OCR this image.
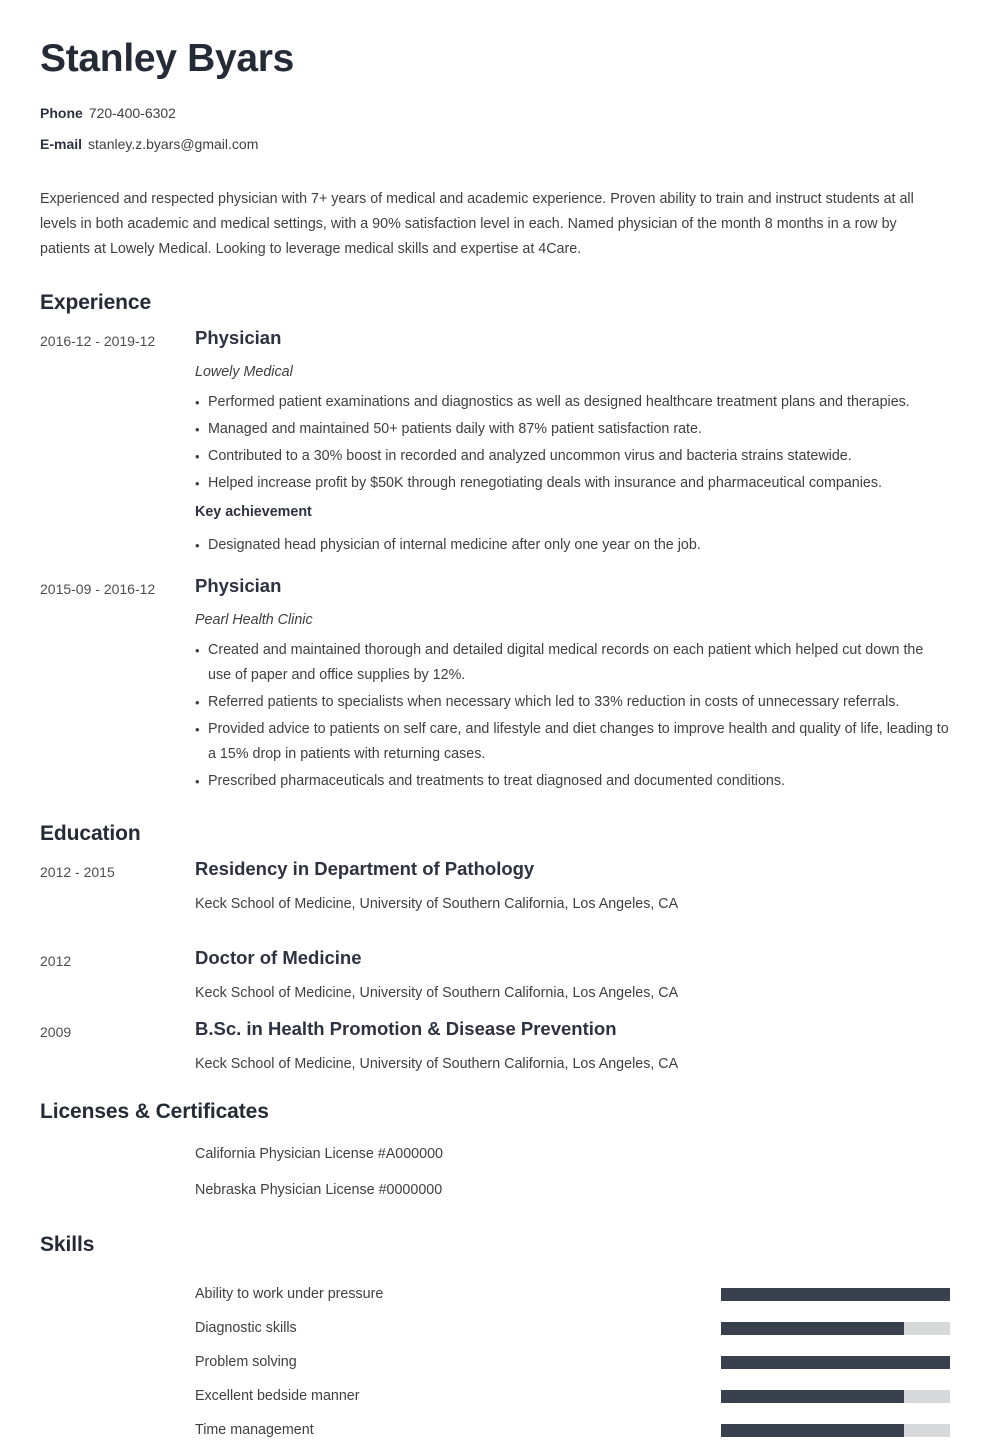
Stanley Byars
Phone 720-400-6302
E-mail stanley.z.byars@gmail.com

Experienced and respected physician with 7+ years of medical and academic experience. Proven ability to train and instruct students at all levels in both academic and medical settings, with a 90% satisfaction level in each. Named physician of the month 8 months in a row by patients at Lowely Medical. Looking to leverage medical skills and expertise at 4Care.

Experience
2016-12 - 2019-12	Physician
Lowely Medical
• Performed patient examinations and diagnostics as well as designed healthcare treatment plans and therapies.
• Managed and maintained 50+ patients daily with 87% patient satisfaction rate.
• Contributed to a 30% boost in recorded and analyzed uncommon virus and bacteria strains statewide.
• Helped increase profit by $50K through renegotiating deals with insurance and pharmaceutical companies.
Key achievement
• Designated head physician of internal medicine after only one year on the job.
2015-09 - 2016-12	Physician
Pearl Health Clinic
• Created and maintained thorough and detailed digital medical records on each patient which helped cut down the use of paper and office supplies by 12%.
• Referred patients to specialists when necessary which led to 33% reduction in costs of unnecessary referrals.
• Provided advice to patients on self care, and lifestyle and diet changes to improve health and quality of life, leading to a 15% drop in patients with returning cases.
• Prescribed pharmaceuticals and treatments to treat diagnosed and documented conditions.
Education
2012 - 2015	Residency in Department of Pathology
Keck School of Medicine, University of Southern California, Los Angeles, CA
2012	Doctor of Medicine
Keck School of Medicine, University of Southern California, Los Angeles, CA
2009	B.Sc. in Health Promotion & Disease Prevention
Keck School of Medicine, University of Southern California, Los Angeles, CA
Licenses & Certificates
California Physician License #A000000
Nebraska Physician License #0000000
Skills
Ability to work under pressure
Diagnostic skills
Problem solving
Excellent bedside manner
Time management
